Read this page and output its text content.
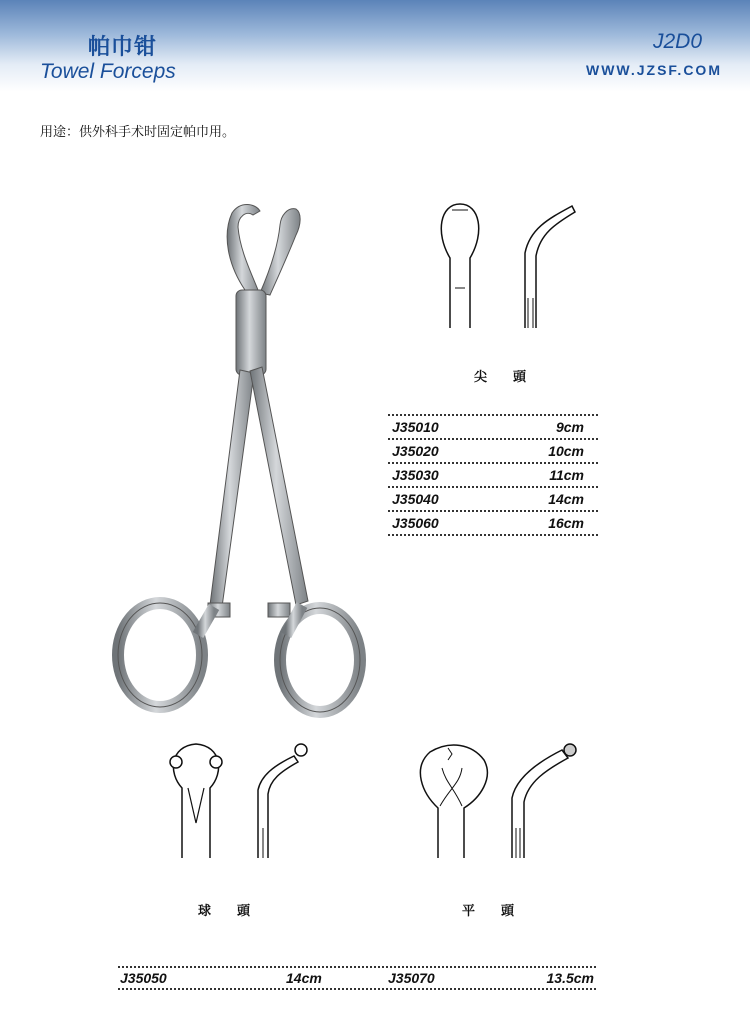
帕巾钳
Towel Forceps
J2D0
WWW.JZSF.COM
用途：供外科手术时固定帕巾用。
尖頭
J35010	9cm
J35020	10cm
J35030	11cm
J35040	14cm
J35060	16cm
球頭	平頭
J35050	14cm	J35070	13.5cm
